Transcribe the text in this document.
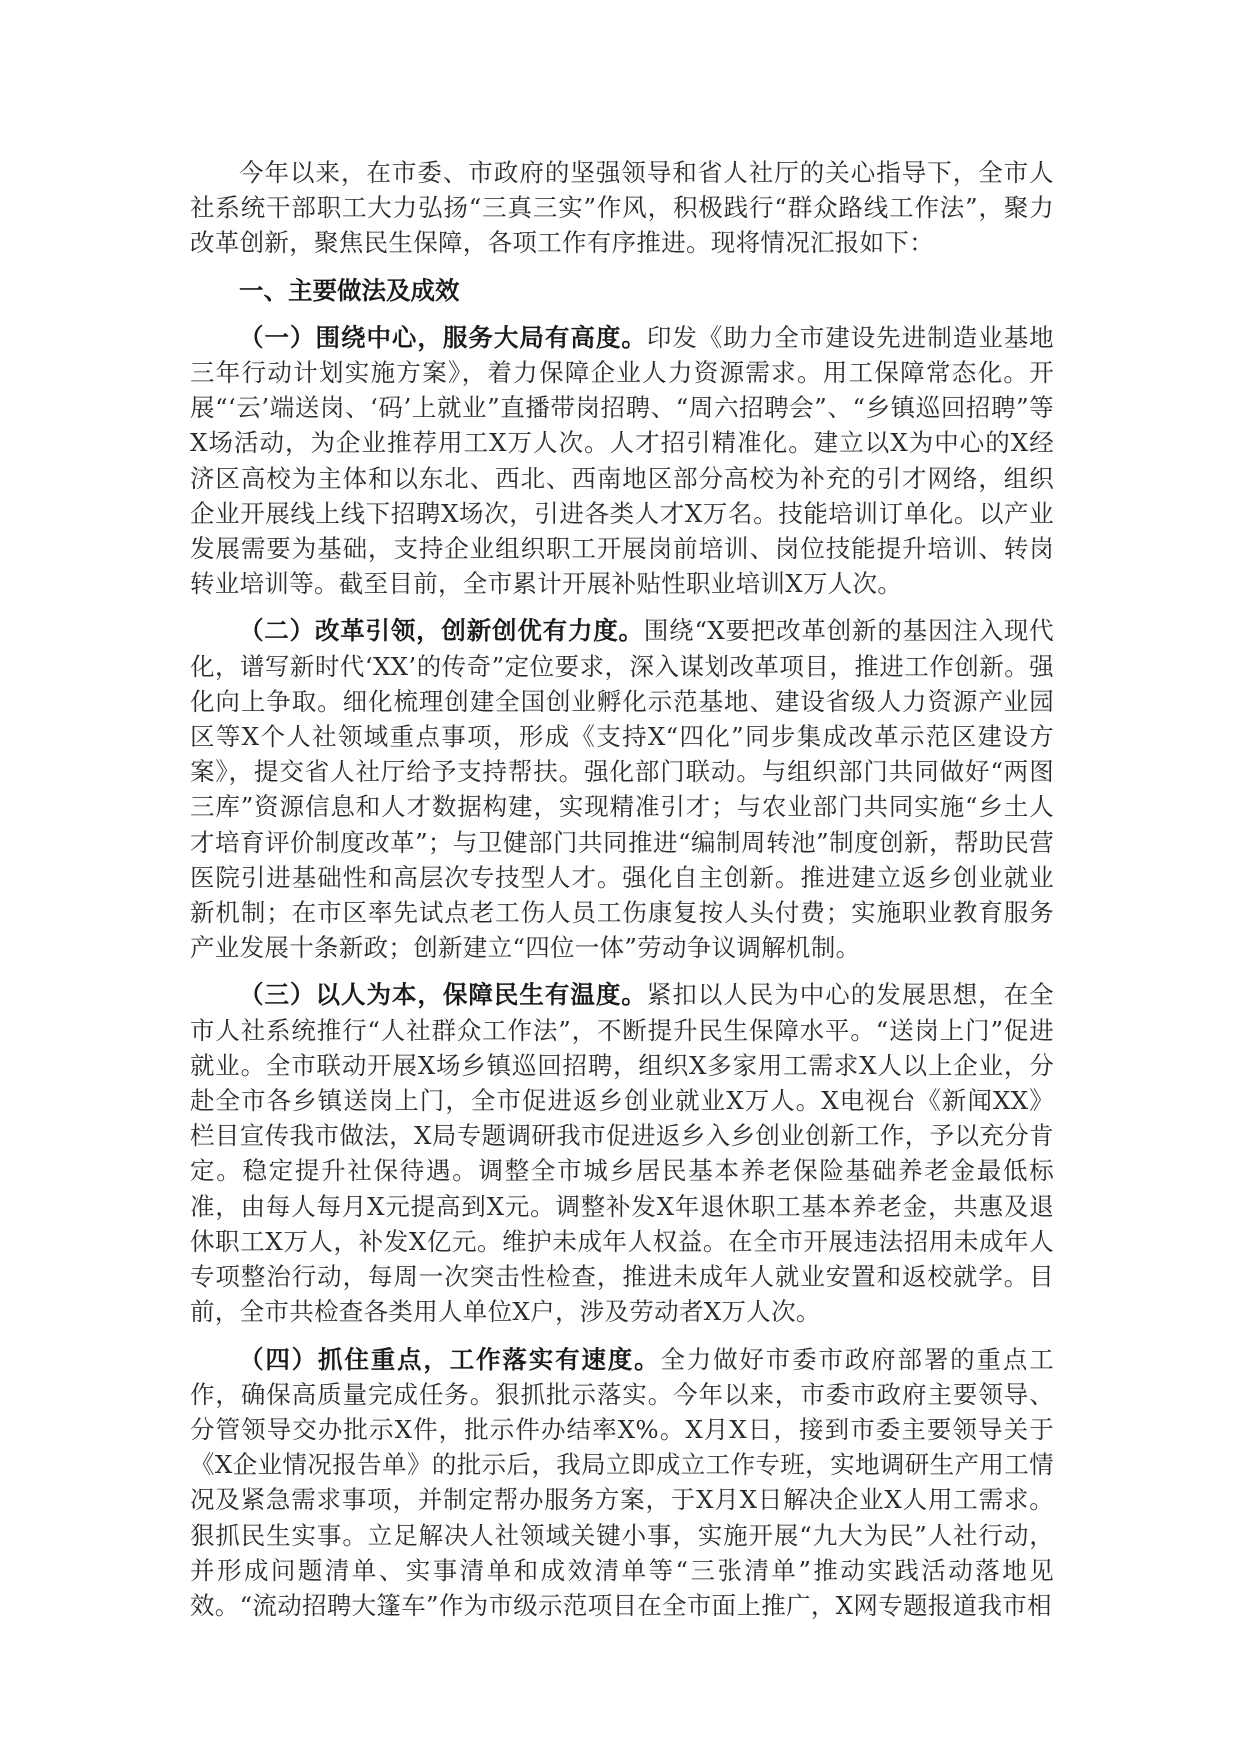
今年以来，在市委、市政府的坚强领导和省人社厅的关心指导下，全市人社系统干部职工大力弘扬“三真三实”作风，积极践行“群众路线工作法”，聚力改革创新，聚焦民生保障，各项工作有序推进。现将情况汇报如下：

一、主要做法及成效

（一）围绕中心，服务大局有高度。印发《助力全市建设先进制造业基地三年行动计划实施方案》，着力保障企业人力资源需求。用工保障常态化。开展“‘云’端送岗、‘码’上就业”直播带岗招聘、“周六招聘会”、“乡镇巡回招聘”等X场活动，为企业推荐用工X万人次。人才招引精准化。建立以X为中心的X经济区高校为主体和以东北、西北、西南地区部分高校为补充的引才网络，组织企业开展线上线下招聘X场次，引进各类人才X万名。技能培训订单化。以产业发展需要为基础，支持企业组织职工开展岗前培训、岗位技能提升培训、转岗转业培训等。截至目前，全市累计开展补贴性职业培训X万人次。

（二）改革引领，创新创优有力度。围绕“X要把改革创新的基因注入现代化，谱写新时代‘XX’的传奇”定位要求，深入谋划改革项目，推进工作创新。强化向上争取。细化梳理创建全国创业孵化示范基地、建设省级人力资源产业园区等X个人社领域重点事项，形成《支持X“四化”同步集成改革示范区建设方案》，提交省人社厅给予支持帮扶。强化部门联动。与组织部门共同做好“两图三库”资源信息和人才数据构建，实现精准引才；与农业部门共同实施“乡土人才培育评价制度改革”；与卫健部门共同推进“编制周转池”制度创新，帮助民营医院引进基础性和高层次专技型人才。强化自主创新。推进建立返乡创业就业新机制；在市区率先试点老工伤人员工伤康复按人头付费；实施职业教育服务产业发展十条新政；创新建立“四位一体”劳动争议调解机制。

（三）以人为本，保障民生有温度。紧扣以人民为中心的发展思想，在全市人社系统推行“人社群众工作法”，不断提升民生保障水平。“送岗上门”促进就业。全市联动开展X场乡镇巡回招聘，组织X多家用工需求X人以上企业，分赴全市各乡镇送岗上门，全市促进返乡创业就业X万人。X电视台《新闻XX》栏目宣传我市做法，X局专题调研我市促进返乡入乡创业创新工作，予以充分肯定。稳定提升社保待遇。调整全市城乡居民基本养老保险基础养老金最低标准，由每人每月X元提高到X元。调整补发X年退休职工基本养老金，共惠及退休职工X万人，补发X亿元。维护未成年人权益。在全市开展违法招用未成年人专项整治行动，每周一次突击性检查，推进未成年人就业安置和返校就学。目前，全市共检查各类用人单位X户，涉及劳动者X万人次。

（四）抓住重点，工作落实有速度。全力做好市委市政府部署的重点工作，确保高质量完成任务。狠抓批示落实。今年以来，市委市政府主要领导、分管领导交办批示X件，批示件办结率X%。X月X日，接到市委主要领导关于《X企业情况报告单》的批示后，我局立即成立工作专班，实地调研生产用工情况及紧急需求事项，并制定帮办服务方案，于X月X日解决企业X人用工需求。狠抓民生实事。立足解决人社领域关键小事，实施开展“九大为民”人社行动，并形成问题清单、实事清单和成效清单等“三张清单”推动实践活动落地见效。“流动招聘大篷车”作为市级示范项目在全市面上推广，X网专题报道我市相
